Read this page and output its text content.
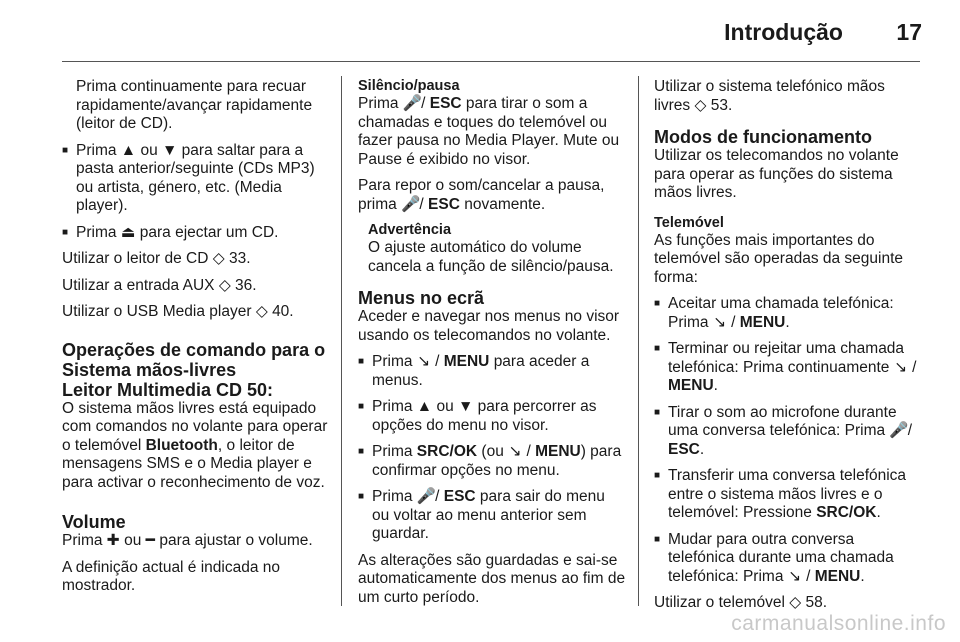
Introdução 17

Prima continuamente para recuar rapidamente/avançar rapidamente (leitor de CD).

■ Prima ▲ ou ▼ para saltar para a pasta anterior/seguinte (CDs MP3) ou artista, género, etc. (Media player).
■ Prima ⏏ para ejectar um CD.

Utilizar o leitor de CD ◇ 33.

Utilizar a entrada AUX ◇ 36.

Utilizar o USB Media player ◇ 40.

Operações de comando para o Sistema mãos-livres
Leitor Multimedia CD 50:

O sistema mãos livres está equipado com comandos no volante para operar o telemóvel Bluetooth, o leitor de mensagens SMS e o Media player e para activar o reconhecimento de voz.

Volume

Prima ✚ ou ━ para ajustar o volume.

A definição actual é indicada no mostrador.

Silêncio/pausa

Prima 🎤 / ESC para tirar o som a chamadas e toques do telemóvel ou fazer pausa no Media Player. Mute ou Pause é exibido no visor.

Para repor o som/cancelar a pausa, prima 🎤 / ESC novamente.

Advertência
O ajuste automático do volume cancela a função de silêncio/pausa.
Menus no ecrã

Aceder e navegar nos menus no visor usando os telecomandos no volante.

■ Prima ↘ / MENU para aceder a menus.
■ Prima ▲ ou ▼ para percorrer as opções do menu no visor.
■ Prima SRC/OK (ou ↘ / MENU) para confirmar opções no menu.
■ Prima 🎤 / ESC para sair do menu ou voltar ao menu anterior sem guardar.

As alterações são guardadas e sai-se automaticamente dos menus ao fim de um curto período.

Utilizar o sistema telefónico mãos livres ◇ 53.

Modos de funcionamento

Utilizar os telecomandos no volante para operar as funções do sistema mãos livres.

Telemóvel

As funções mais importantes do telemóvel são operadas da seguinte forma:

■ Aceitar uma chamada telefónica: Prima ↘ / MENU.
■ Terminar ou rejeitar uma chamada telefónica: Prima continuamente ↘ / MENU.
■ Tirar o som ao microfone durante uma conversa telefónica: Prima 🎤 / ESC.
■ Transferir uma conversa telefónica entre o sistema mãos livres e o telemóvel: Pressione SRC/OK.
■ Mudar para outra conversa telefónica durante uma chamada telefónica: Prima ↘ / MENU.

Utilizar o telemóvel ◇ 58.

carmanualsonline.info
